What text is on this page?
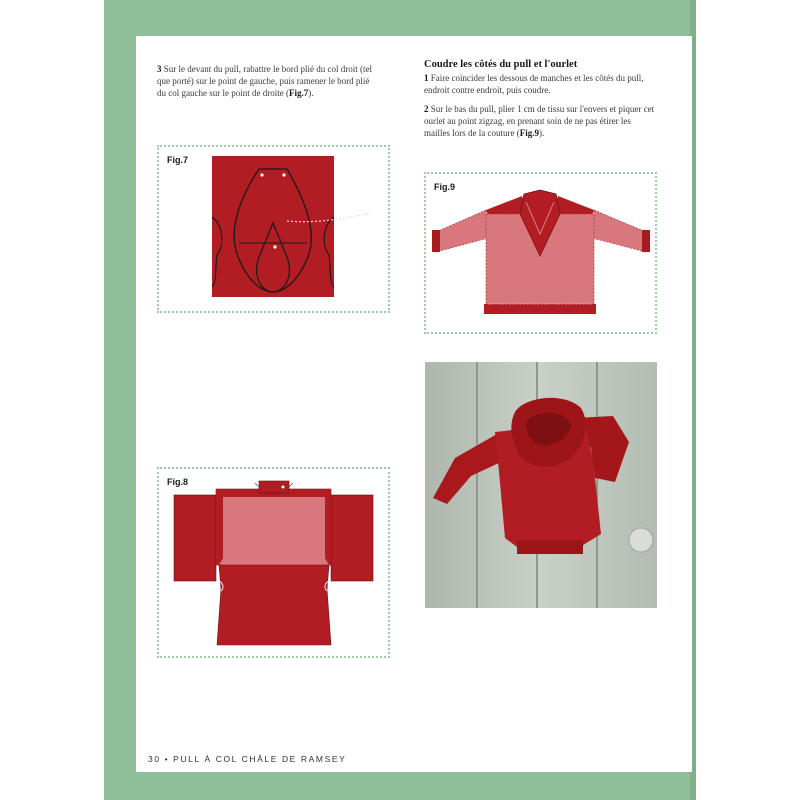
3 Sur le devant du pull, rabattre le bord plié du col droit (tel que porté) sur le point de gauche, puis ramener le bord plié du col gauche sur le point de droite (Fig.7).
Coudre les côtés du pull et l'ourlet
1 Faire coïncider les dessous de manches et les côtés du pull, endroit contre endroit, puis coudre.
2 Sur le bas du pull, plier 1 cm de tissu sur l'envers et piquer cet ourlet au point zigzag, en prenant soin de ne pas étirer les mailles lors de la couture (Fig.9).
Fig.7
Fig.9
Fig.8
30 • PULL À COL CHÂLE DE RAMSEY
